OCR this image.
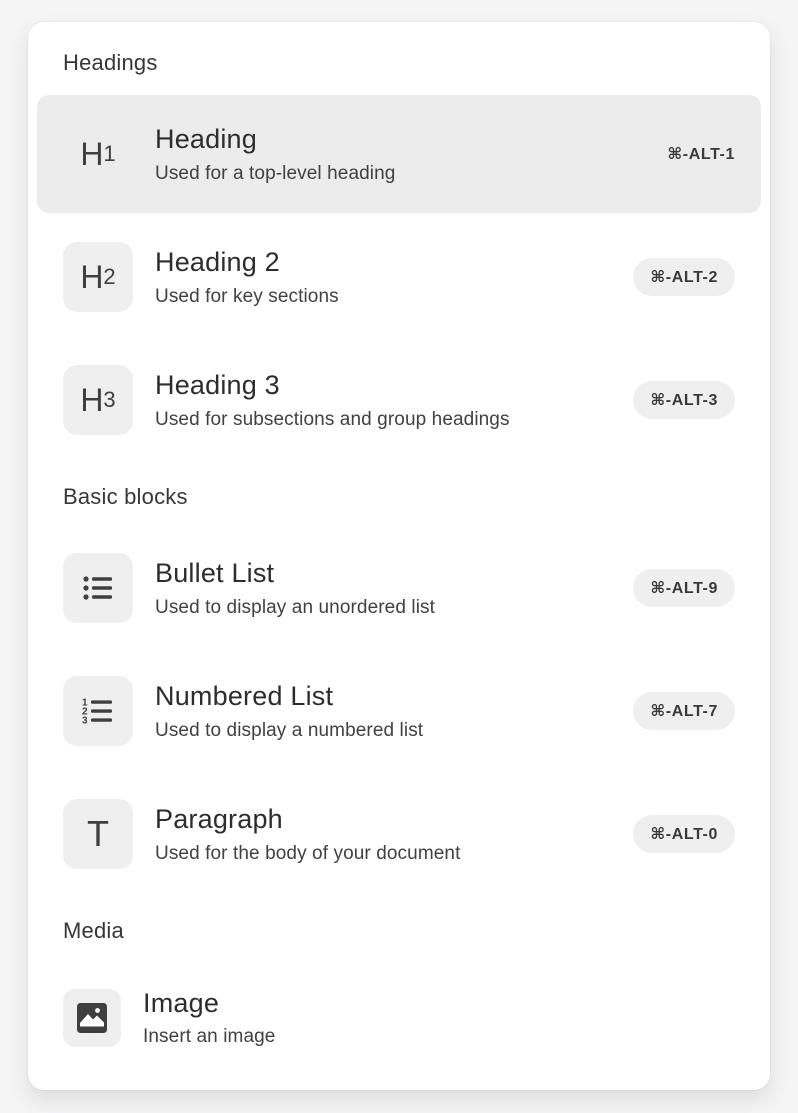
Headings
H 1 Heading
Used for a top-level heading
⌘-ALT-1
H 2 Heading 2
Used for key sections
⌘-ALT-2
H 3 Heading 3
Used for subsections and group headings
⌘-ALT-3
Basic blocks
Bullet List
Used to display an unordered list
⌘-ALT-9
1
2
3
Numbered List
Used to display a numbered list
⌘-ALT-7
T Paragraph
Used for the body of your document
⌘-ALT-0
Media
Image
Insert an image
